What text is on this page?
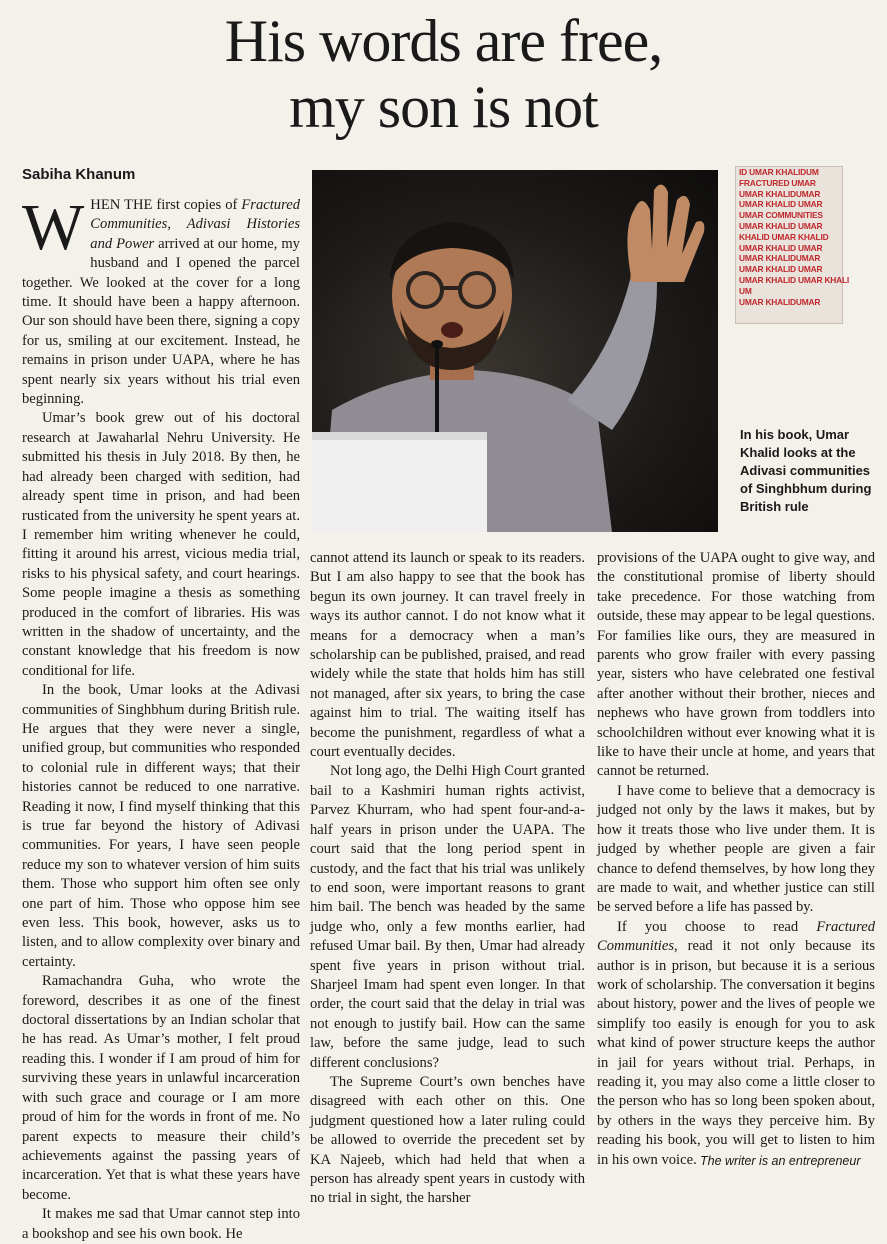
His words are free,
my son is not
Sabiha Khanum

WHEN THE first copies of Fractured Communities, Adivasi Histories and Power arrived at our home, my husband and I opened the parcel together. We looked at the cover for a long time. It should have been a happy afternoon. Our son should have been there, signing a copy for us, smiling at our excitement. Instead, he remains in prison under UAPA, where he has spent nearly six years without his trial even beginning.

Umar’s book grew out of his doctoral research at Jawaharlal Nehru University. He submitted his thesis in July 2018. By then, he had already been charged with sedition, had already spent time in prison, and had been rusticated from the university he spent years at. I remember him writing whenever he could, fitting it around his arrest, vicious media trial, risks to his physical safety, and court hearings. Some people imagine a thesis as something produced in the comfort of libraries. His was written in the shadow of uncertainty, and the constant knowledge that his freedom is now conditional for life.

In the book, Umar looks at the Adivasi communities of Singhbhum during British rule. He argues that they were never a single, unified group, but communities who responded to colonial rule in different ways; that their histories cannot be reduced to one narrative. Reading it now, I find myself thinking that this is true far beyond the history of Adivasi communities. For years, I have seen people reduce my son to whatever version of him suits them. Those who support him often see only one part of him. Those who oppose him see even less. This book, however, asks us to listen, and to allow complexity over binary and certainty.

Ramachandra Guha, who wrote the foreword, describes it as one of the finest doctoral dissertations by an Indian scholar that he has read. As Umar’s mother, I felt proud reading this. I wonder if I am proud of him for surviving these years in unlawful incarceration with such grace and courage or I am more proud of him for the words in front of me. No parent expects to measure their child’s achievements against the passing years of incarceration. Yet that is what these years have become.

It makes me sad that Umar cannot step into a bookshop and see his own book. He

ID UMAR KHALIDUM
FRACTURED UMAR
UMAR KHALIDUMAR
UMAR KHALID UMAR
UMAR COMMUNITIES
UMAR KHALID UMAR
KHALID UMAR KHALID
UMAR KHALID UMAR
UMAR KHALIDUMAR
UMAR KHALID UMAR
UMAR KHALID UMAR KHALI
UM
UMAR KHALIDUMAR
In his book, Umar Khalid looks at the Adivasi communities of Singhbhum during British rule

cannot attend its launch or speak to its readers. But I am also happy to see that the book has begun its own journey. It can travel freely in ways its author cannot. I do not know what it means for a democracy when a man’s scholarship can be published, praised, and read widely while the state that holds him has still not managed, after six years, to bring the case against him to trial. The waiting itself has become the punishment, regardless of what a court eventually decides.

Not long ago, the Delhi High Court granted bail to a Kashmiri human rights activist, Parvez Khurram, who had spent four-and-a-half years in prison under the UAPA. The court said that the long period spent in custody, and the fact that his trial was unlikely to end soon, were important reasons to grant him bail. The bench was headed by the same judge who, only a few months earlier, had refused Umar bail. By then, Umar had already spent five years in prison without trial. Sharjeel Imam had spent even longer. In that order, the court said that the delay in trial was not enough to justify bail. How can the same law, before the same judge, lead to such different conclusions?

The Supreme Court’s own benches have disagreed with each other on this. One judgment questioned how a later ruling could be allowed to override the precedent set by KA Najeeb, which had held that when a person has already spent years in custody with no trial in sight, the harsher

provisions of the UAPA ought to give way, and the constitutional promise of liberty should take precedence. For those watching from outside, these may appear to be legal questions. For families like ours, they are measured in parents who grow frailer with every passing year, sisters who have celebrated one festival after another without their brother, nieces and nephews who have grown from toddlers into schoolchildren without ever knowing what it is like to have their uncle at home, and years that cannot be returned.

I have come to believe that a democracy is judged not only by the laws it makes, but by how it treats those who live under them. It is judged by whether people are given a fair chance to defend themselves, by how long they are made to wait, and whether justice can still be served before a life has passed by.

If you choose to read Fractured Communities, read it not only because its author is in prison, but because it is a serious work of scholarship. The conversation it begins about history, power and the lives of people we simplify too easily is enough for you to ask what kind of power structure keeps the author in jail for years without trial. Perhaps, in reading it, you may also come a little closer to the person who has so long been spoken about, by others in the ways they perceive him. By reading his book, you will get to listen to him in his own voice. The writer is an entrepreneur
